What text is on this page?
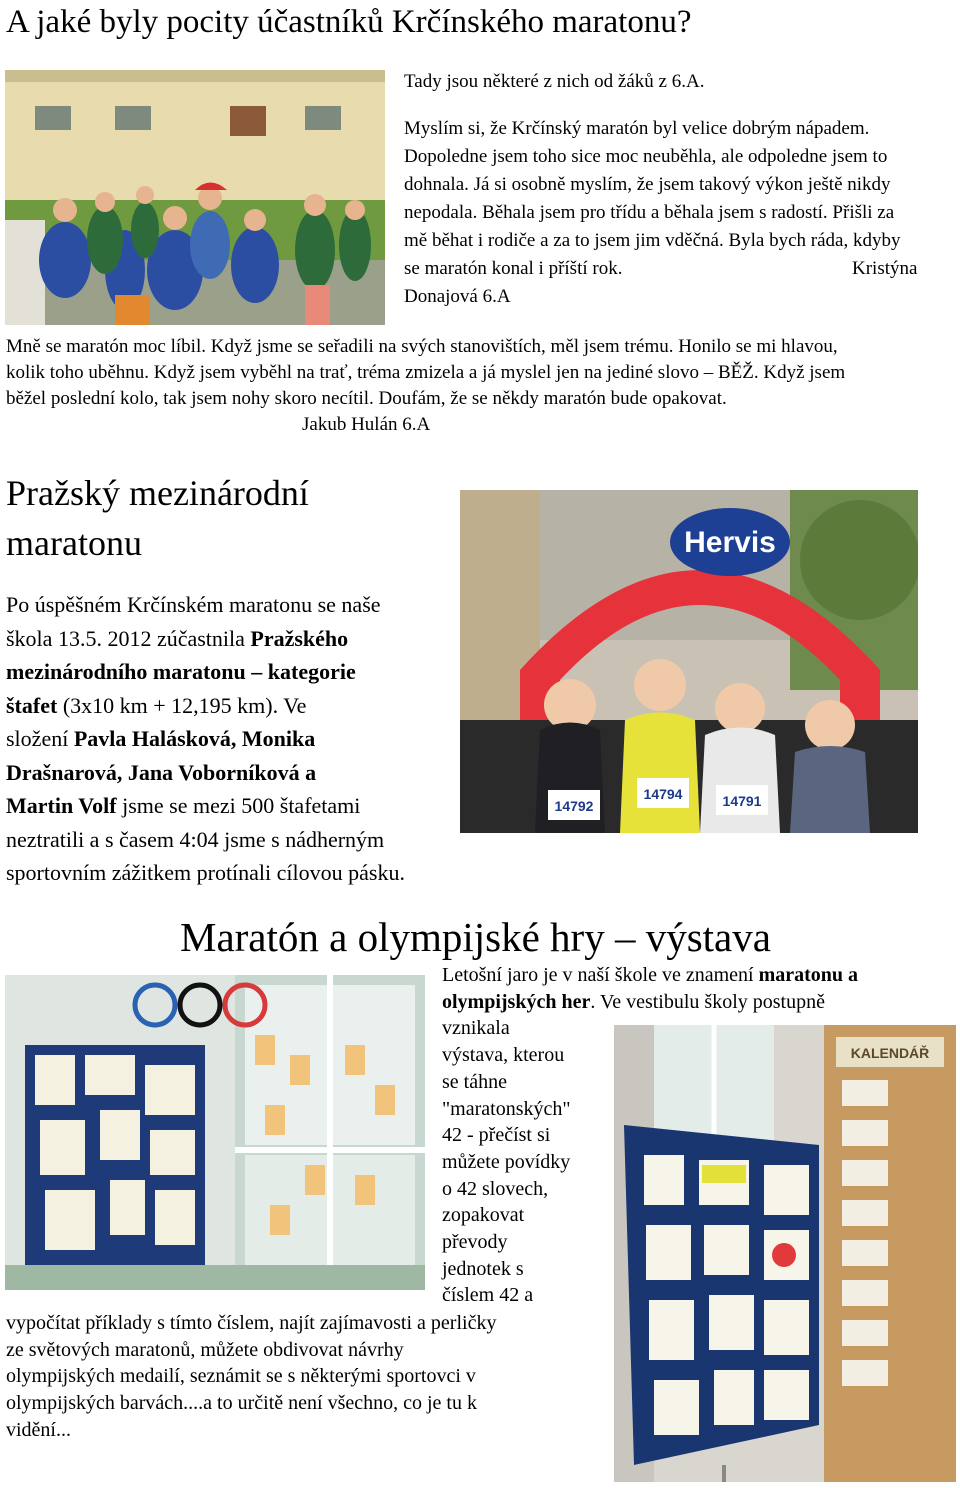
A jaké byly pocity účastníků Krčínského maratonu?
Tady jsou některé z nich od žáků z 6.A.
Myslím si, že Krčínský maratón byl velice dobrým nápadem.
Dopoledne jsem toho sice moc neuběhla, ale odpoledne jsem to
dohnala. Já si osobně myslím, že jsem takový výkon ještě nikdy
nepodala. Běhala jsem pro třídu a běhala jsem s radostí. Přišli za
mě běhat i rodiče a za to jsem jim vděčná. Byla bych ráda, kdyby
se maratón konal i příští rok.	Kristýna
Donajová 6.A
Mně se maratón moc líbil. Když jsme se seřadili na svých stanovištích, měl jsem trému. Honilo se mi hlavou,
kolik toho uběhnu. Když jsem vyběhl na trať, tréma zmizela a já myslel jen na jediné slovo – BĚŽ. Když jsem
běžel poslední kolo, tak jsem nohy skoro necítil. Doufám, že se někdy maratón bude opakovat.
Jakub Hulán 6.A
Pražský mezinárodní
maratonu
Po úspěšném Krčínském maratonu se naše
škola 13.5. 2012 zúčastnila Pražského
mezinárodního maratonu – kategorie
štafet (3x10 km + 12,195 km). Ve
složení Pavla Halásková, Monika
Drašnarová, Jana Voborníková a
Martin Volf jsme se mezi 500 štafetami
neztratili a s časem 4:04 jsme s nádherným
sportovním zážitkem protínali cílovou pásku.
Hervis
14792
14794	14791
Maratón a olympijské hry – výstava
Letošní jaro je v naší škole ve znamení maratonu a
olympijských her. Ve vestibulu školy postupně
vznikala
výstava, kterou
se táhne
"maratonských"
42 - přečíst si
můžete povídky
o 42 slovech,
zopakovat
převody
jednotek s
číslem 42 a
vypočítat příklady s tímto číslem, najít zajímavosti a perličky
ze světových maratonů, můžete obdivovat návrhy
olympijských medailí, seznámit se s některými sportovci v
olympijských barvách....a to určitě není všechno, co je tu k
vidění...
KALENDÁŘ
